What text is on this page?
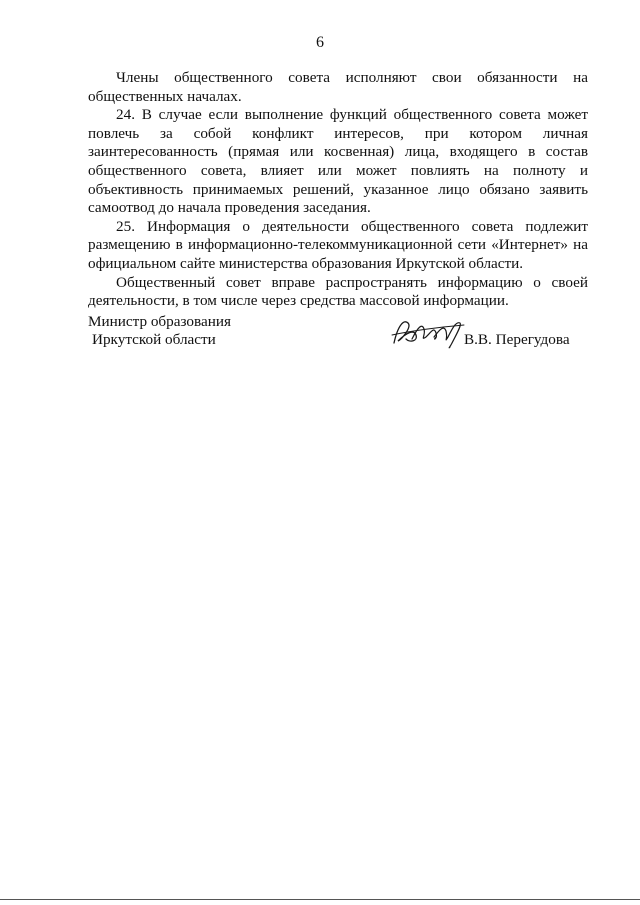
6

Члены общественного совета исполняют свои обязанности на общественных началах.

24. В случае если выполнение функций общественного совета может повлечь за собой конфликт интересов, при котором личная заинтересованность (прямая или косвенная) лица, входящего в состав общественного совета, влияет или может повлиять на полноту и объективность принимаемых решений, указанное лицо обязано заявить самоотвод до начала проведения заседания.

25. Информация о деятельности общественного совета подлежит размещению в информационно-телекоммуникационной сети «Интернет» на официальном сайте министерства образования Иркутской области.

Общественный совет вправе распространять информацию о своей деятельности, в том числе через средства массовой информации.

Министр образования
Иркутской области	В.В. Перегудова
